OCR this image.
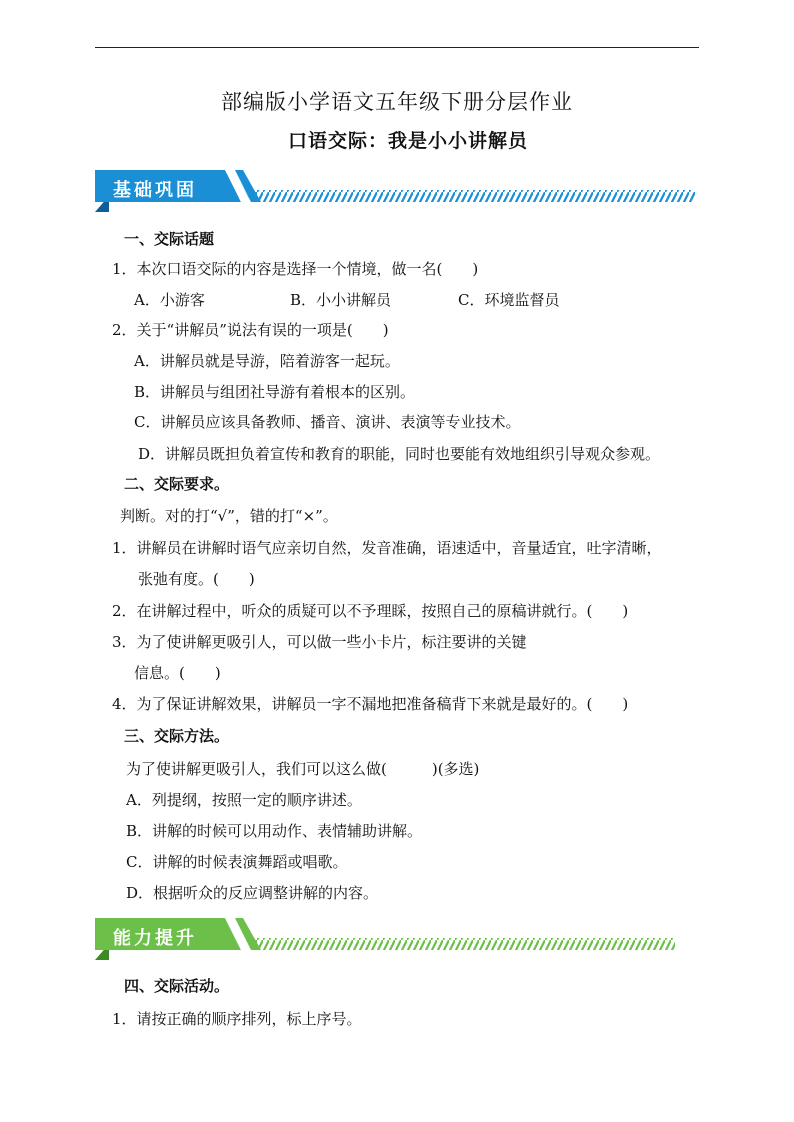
部编版小学语文五年级下册分层作业
口语交际：我是小小讲解员
基础巩固
一、交际话题
1．本次口语交际的内容是选择一个情境，做一名(　　)
A．小游客	B．小小讲解员	C．环境监督员
2．关于“讲解员”说法有误的一项是(　　)
A．讲解员就是导游，陪着游客一起玩。
B．讲解员与组团社导游有着根本的区别。
C．讲解员应该具备教师、播音、演讲、表演等专业技术。
D．讲解员既担负着宣传和教育的职能，同时也要能有效地组织引导观众参观。
二、交际要求。
判断。对的打“√”，错的打“×”。
1．讲解员在讲解时语气应亲切自然，发音准确，语速适中，音量适宜，吐字清晰，
张弛有度。(　　)
2．在讲解过程中，听众的质疑可以不予理睬，按照自己的原稿讲就行。(　　)
3．为了使讲解更吸引人，可以做一些小卡片，标注要讲的关键
信息。(　　)
4．为了保证讲解效果，讲解员一字不漏地把准备稿背下来就是最好的。(　　)
三、交际方法。
为了使讲解更吸引人，我们可以这么做(　　　)(多选)
A．列提纲，按照一定的顺序讲述。
B．讲解的时候可以用动作、表情辅助讲解。
C．讲解的时候表演舞蹈或唱歌。
D．根据听众的反应调整讲解的内容。
能力提升
四、交际活动。
1．请按正确的顺序排列，标上序号。
